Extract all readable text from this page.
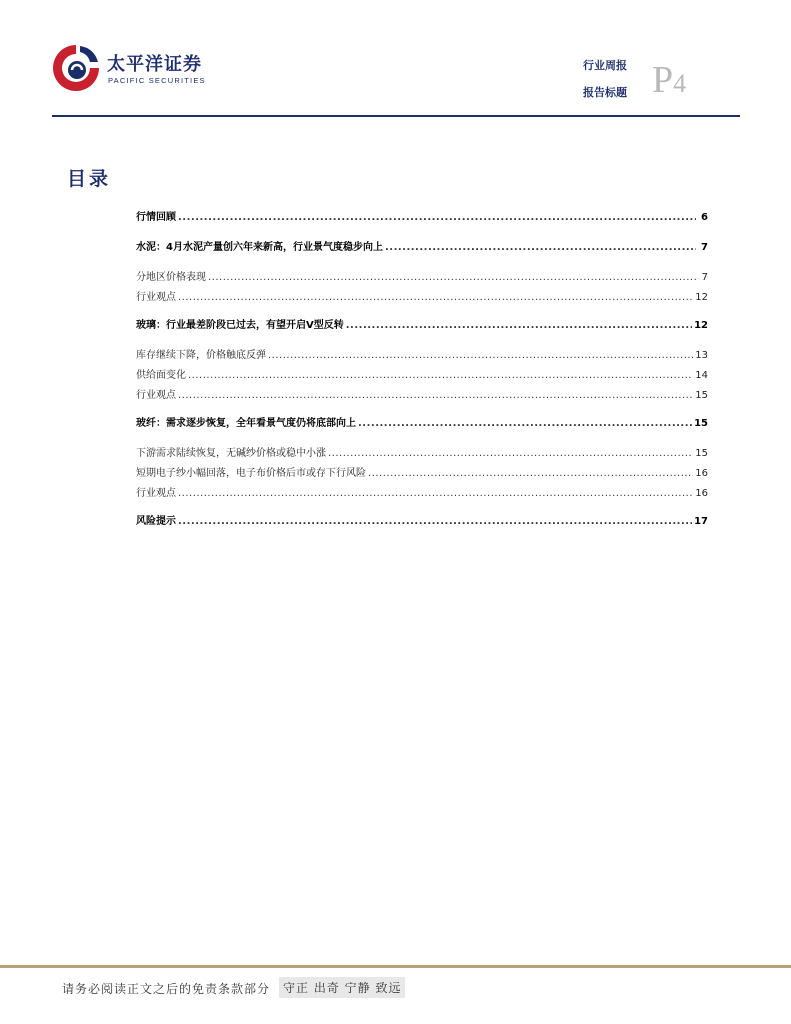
太平洋证券
PACIFIC SECURITIES
行业周报
报告标题 P4
目录
行情回顾 .....	6
水泥：4月水泥产量创六年来新高，行业景气度稳步向上 .....	7
分地区价格表现 .....	7
行业观点 .....	12
玻璃：行业最差阶段已过去，有望开启V型反转 .....	12
库存继续下降，价格触底反弹 .....	13
供给面变化 .....	14
行业观点 .....	15
玻纤：需求逐步恢复，全年看景气度仍将底部向上 .....	15
下游需求陆续恢复，无碱纱价格或稳中小涨 .....	15
短期电子纱小幅回落，电子布价格后市或存下行风险 .....	16
行业观点 .....	16
风险提示 .....	17
请务必阅读正文之后的免责条款部分	守正 出奇 宁静 致远
